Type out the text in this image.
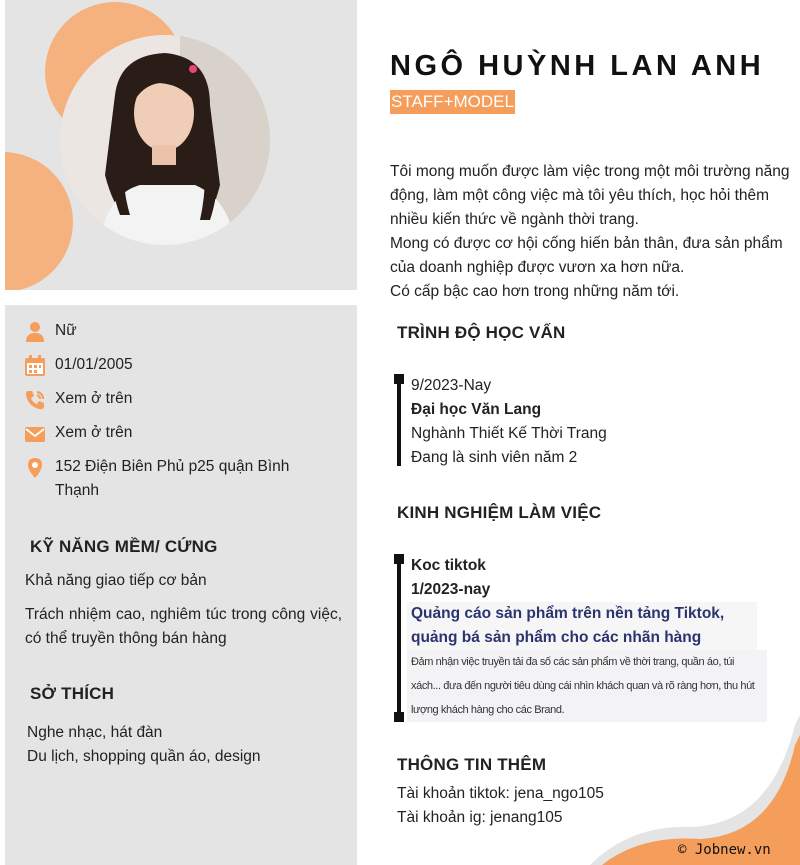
Nữ
01/01/2005
Xem ở trên
Xem ở trên
152 Điện Biên Phủ p25 quận Bình Thạnh
KỸ NĂNG MỀM/ CỨNG
Khả năng giao tiếp cơ bản
Trách nhiệm cao, nghiêm túc trong công việc, có thể truyền thông bán hàng
SỞ THÍCH
Nghe nhạc, hát đàn
Du lịch, shopping quần áo, design
NGÔ HUỲNH LAN ANH
STAFF+MODEL
Tôi mong muốn được làm việc trong một môi trường năng động, làm một công việc mà tôi yêu thích, học hỏi thêm nhiều kiến thức về ngành thời trang.
Mong có được cơ hội cống hiến bản thân, đưa sản phẩm của doanh nghiệp được vươn xa hơn nữa.
Có cấp bậc cao hơn trong những năm tới.
TRÌNH ĐỘ HỌC VẤN
9/2023-Nay
Đại học Văn Lang
Nghành Thiết Kế Thời Trang
Đang là sinh viên năm 2
KINH NGHIỆM LÀM VIỆC
Koc tiktok
1/2023-nay
Quảng cáo sản phẩm trên nền tảng Tiktok, quảng bá sản phẩm cho các nhãn hàng
Đảm nhận việc truyền tải đa số các sản phẩm về thời trang, quần áo, túi xách... đưa đến người tiêu dùng cái nhìn khách quan và rõ ràng hơn, thu hút lượng khách hàng cho các Brand.
THÔNG TIN THÊM
Tài khoản tiktok: jena_ngo105
Tài khoản ig: jenang105
© Jobnew.vn
